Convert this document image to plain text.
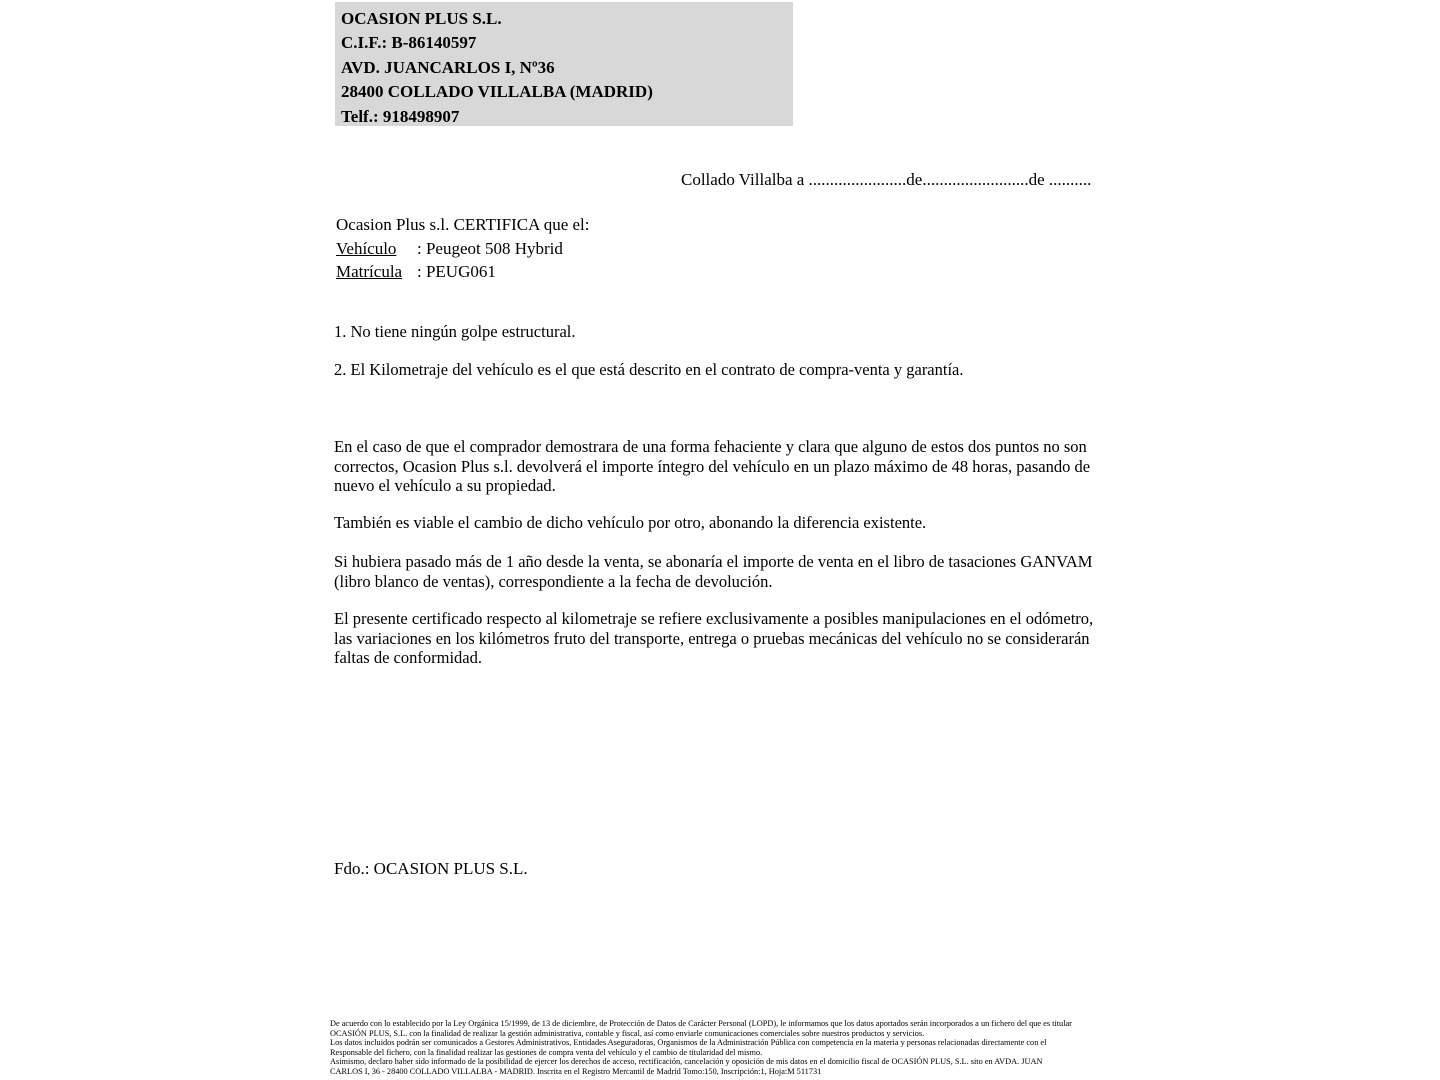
OCASION PLUS S.L.
C.I.F.: B-86140597
AVD. JUANCARLOS I, Nº36
28400 COLLADO VILLALBA (MADRID)
Telf.: 918498907
Collado Villalba a .......................de.........................de ..........
Ocasion Plus s.l. CERTIFICA que el:
Vehículo : Peugeot 508 Hybrid
Matrícula : PEUG061
1. No tiene ningún golpe estructural.
2. El Kilometraje del vehículo es el que está descrito en el contrato de compra-venta y garantía.
En el caso de que el comprador demostrara de una forma fehaciente y clara que alguno de estos dos puntos no son correctos, Ocasion Plus s.l. devolverá el importe íntegro del vehículo en un plazo máximo de 48 horas, pasando de nuevo el vehículo a su propiedad.
También es viable el cambio de dicho vehículo por otro, abonando la diferencia existente.
Si hubiera pasado más de 1 año desde la venta, se abonaría el importe de venta en el libro de tasaciones GANVAM (libro blanco de ventas), correspondiente a la fecha de devolución.
El presente certificado respecto al kilometraje se refiere exclusivamente a posibles manipulaciones en el odómetro, las variaciones en los kilómetros fruto del transporte, entrega o pruebas mecánicas del vehículo no se considerarán faltas de conformidad.
Fdo.: OCASION PLUS S.L.
De acuerdo con lo establecido por la Ley Orgánica 15/1999, de 13 de diciembre, de Protección de Datos de Carácter Personal (LOPD), le informamos que los datos aportados serán incorporados a un fichero del que es titular
OCASIÓN PLUS, S.L. con la finalidad de realizar la gestión administrativa, contable y fiscal, así como enviarle comunicaciones comerciales sobre nuestros productos y servicios.
Los datos incluidos podrán ser comunicados a Gestores Administrativos, Entidades Aseguradoras, Organismos de la Administración Pública con competencia en la materia y personas relacionadas directamente con el
Responsable del fichero, con la finalidad realizar las gestiones de compra venta del vehículo y el cambio de titularidad del mismo.
Asimismo, declaro haber sido informado de la posibilidad de ejercer los derechos de acceso, rectificación, cancelación y oposición de mis datos en el domicilio fiscal de OCASIÓN PLUS, S.L. sito en AVDA. JUAN
CARLOS I, 36 - 28400 COLLADO VILLALBA - MADRID. Inscrita en el Registro Mercantil de Madrid Tomo:150, Inscripción:1, Hoja:M 511731
